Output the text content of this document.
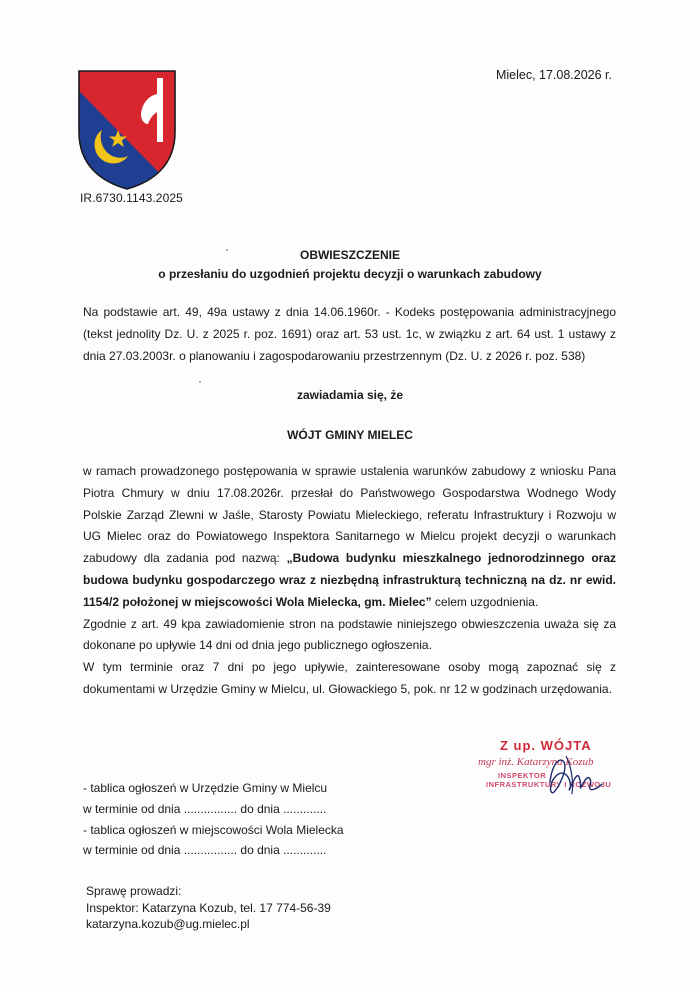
Mielec, 17.08.2026 r.
IR.6730.1143.2025
OBWIESZCZENIE
o przesłaniu do uzgodnień projektu decyzji o warunkach zabudowy

Na podstawie art. 49, 49a ustawy z dnia 14.06.1960r. - Kodeks postępowania administracyjnego (tekst jednolity Dz. U. z 2025 r. poz. 1691) oraz art. 53 ust. 1c, w związku z art. 64 ust. 1 ustawy z dnia 27.03.2003r. o planowaniu i zagospodarowaniu przestrzennym (Dz. U. z 2026 r. poz. 538)

zawiadamia się, że
WÓJT GMINY MIELEC

w ramach prowadzonego postępowania w sprawie ustalenia warunków zabudowy z wniosku Pana Piotra Chmury w dniu 17.08.2026r. przesłał do Państwowego Gospodarstwa Wodnego Wody Polskie Zarząd Zlewni w Jaśle, Starosty Powiatu Mieleckiego, referatu Infrastruktury i Rozwoju w UG Mielec oraz do Powiatowego Inspektora Sanitarnego w Mielcu projekt decyzji o warunkach zabudowy dla zadania pod nazwą: „Budowa budynku mieszkalnego jednorodzinnego oraz budowa budynku gospodarczego wraz z niezbędną infrastrukturą techniczną na dz. nr ewid. 1154/2 położonej w miejscowości Wola Mielecka, gm. Mielec” celem uzgodnienia.

Zgodnie z art. 49 kpa zawiadomienie stron na podstawie niniejszego obwieszczenia uważa się za dokonane po upływie 14 dni od dnia jego publicznego ogłoszenia.

W tym terminie oraz 7 dni po jego upływie, zainteresowane osoby mogą zapoznać się z dokumentami w Urzędzie Gminy w Mielcu, ul. Głowackiego 5, pok. nr 12 w godzinach urzędowania.

Z up. WÓJTA
mgr inż. Katarzyna Kozub
INSPEKTOR
INFRASTRUKTURY I ROZWOJU
- tablica ogłoszeń w Urzędzie Gminy w Mielcu
w terminie od dnia ................ do dnia .............
- tablica ogłoszeń w miejscowości Wola Mielecka
w terminie od dnia ................ do dnia .............
Sprawę prowadzi:
Inspektor: Katarzyna Kozub, tel. 17 774-56-39
katarzyna.kozub@ug.mielec.pl
